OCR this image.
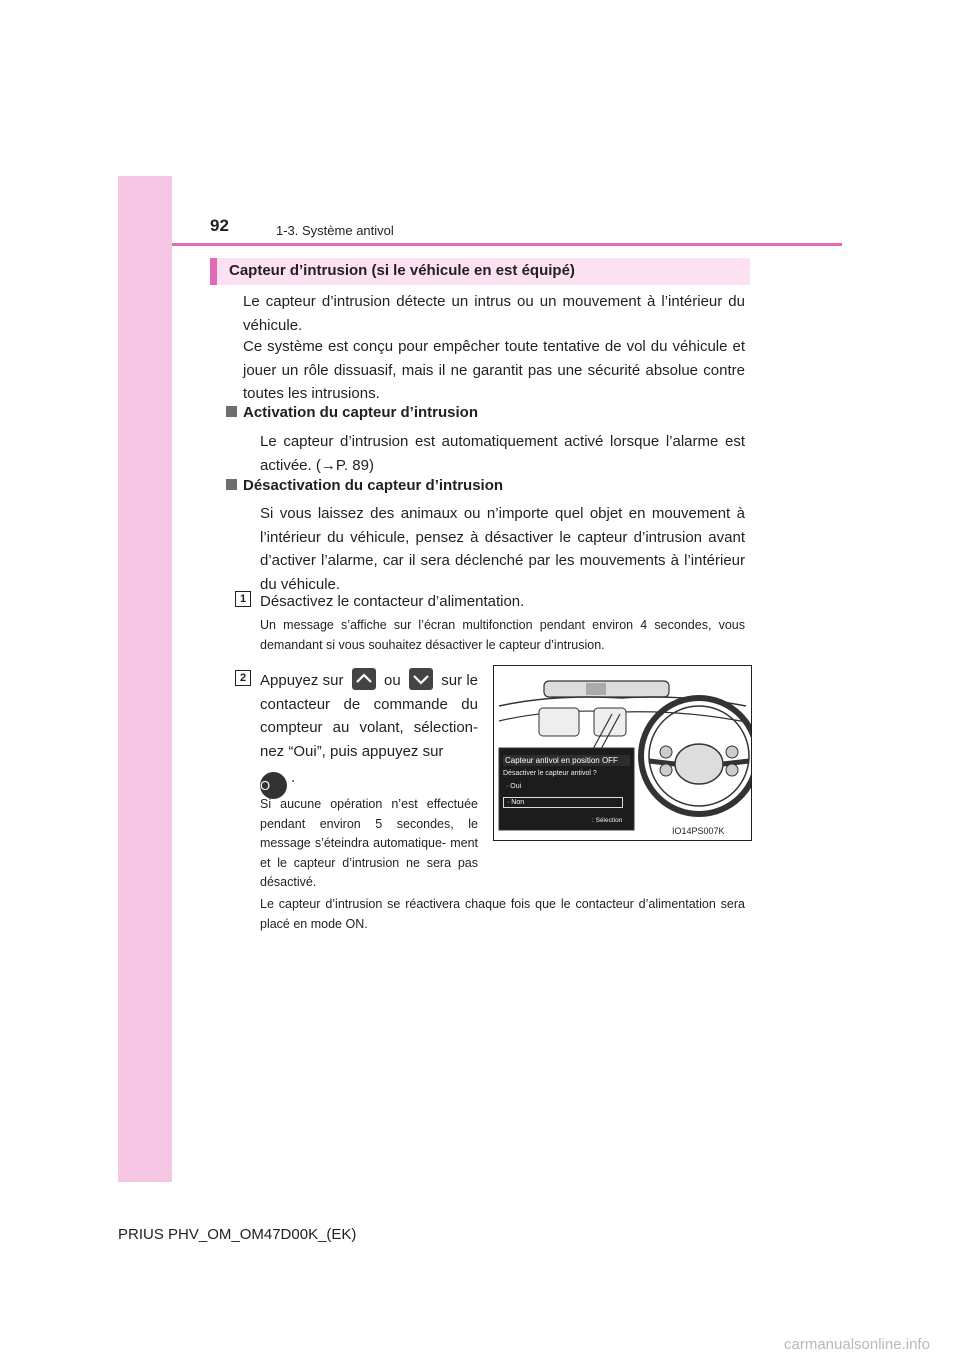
92	1-3. Système antivol
Capteur d’intrusion (si le véhicule en est équipé)
Le capteur d’intrusion détecte un intrus ou un mouvement à l’intérieur du véhicule.
Ce système est conçu pour empêcher toute tentative de vol du véhicule et jouer un rôle dissuasif, mais il ne garantit pas une sécurité absolue contre toutes les intrusions.
Activation du capteur d’intrusion
Le capteur d’intrusion est automatiquement activé lorsque l’alarme est activée. (→P. 89)
Désactivation du capteur d’intrusion
Si vous laissez des animaux ou n’importe quel objet en mouvement à l’intérieur du véhicule, pensez à désactiver le capteur d’intrusion avant d’activer l’alarme, car il sera déclenché par les mouvements à l’intérieur du véhicule.
1 Désactivez le contacteur d’alimentation.
Un message s’affiche sur l’écran multifonction pendant environ 4 secondes, vous demandant si vous souhaitez désactiver le capteur d’intrusion.
2 Appuyez sur	ou	sur le contacteur de commande du compteur au volant, sélection- nez “Oui”, puis appuyez sur
O .
Si aucune opération n’est effectuée pendant environ 5 secondes, le message s’éteindra automatique- ment et le capteur d’intrusion ne sera pas désactivé.
Capteur antivol en position OFF
Désactiver le capteur antivol ?
· Oui
· Non
: Sélection
IO14PS007K
Le capteur d’intrusion se réactivera chaque fois que le contacteur d’alimentation sera placé en mode ON.
PRIUS PHV_OM_OM47D00K_(EK)
carmanualsonline.info
